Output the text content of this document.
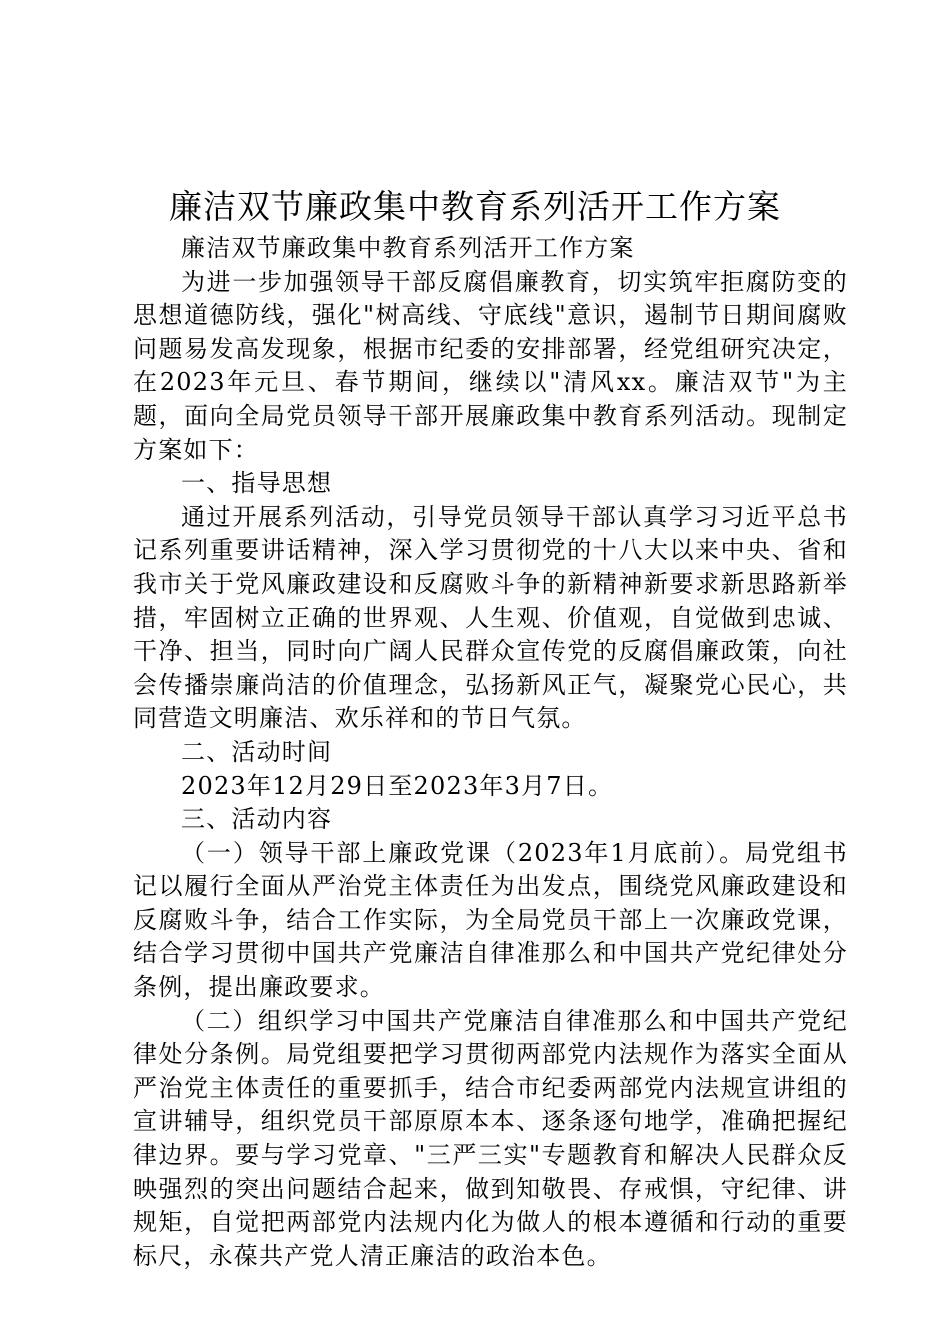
廉洁双节廉政集中教育系列活开工作方案

廉洁双节廉政集中教育系列活开工作方案

为进一步加强领导干部反腐倡廉教育，切实筑牢拒腐防变的思想道德防线，强化"树高线、守底线"意识，遏制节日期间腐败问题易发高发现象，根据市纪委的安排部署，经党组研究决定，在2023年元旦、春节期间，继续以"清风xx。廉洁双节"为主题，面向全局党员领导干部开展廉政集中教育系列活动。现制定方案如下：

一、指导思想

通过开展系列活动，引导党员领导干部认真学习习近平总书记系列重要讲话精神，深入学习贯彻党的十八大以来中央、省和我市关于党风廉政建设和反腐败斗争的新精神新要求新思路新举措，牢固树立正确的世界观、人生观、价值观，自觉做到忠诚、干净、担当，同时向广阔人民群众宣传党的反腐倡廉政策，向社会传播崇廉尚洁的价值理念，弘扬新风正气，凝聚党心民心，共同营造文明廉洁、欢乐祥和的节日气氛。

二、活动时间

2023年12月29日至2023年3月7日。

三、活动内容

（一）领导干部上廉政党课（2023年1月底前）。局党组书记以履行全面从严治党主体责任为出发点，围绕党风廉政建设和反腐败斗争，结合工作实际，为全局党员干部上一次廉政党课，结合学习贯彻中国共产党廉洁自律准那么和中国共产党纪律处分条例，提出廉政要求。

（二）组织学习中国共产党廉洁自律准那么和中国共产党纪律处分条例。局党组要把学习贯彻两部党内法规作为落实全面从严治党主体责任的重要抓手，结合市纪委两部党内法规宣讲组的宣讲辅导，组织党员干部原原本本、逐条逐句地学，准确把握纪律边界。要与学习党章、"三严三实"专题教育和解决人民群众反映强烈的突出问题结合起来，做到知敬畏、存戒惧，守纪律、讲规矩，自觉把两部党内法规内化为做人的根本遵循和行动的重要标尺，永葆共产党人清正廉洁的政治本色。
